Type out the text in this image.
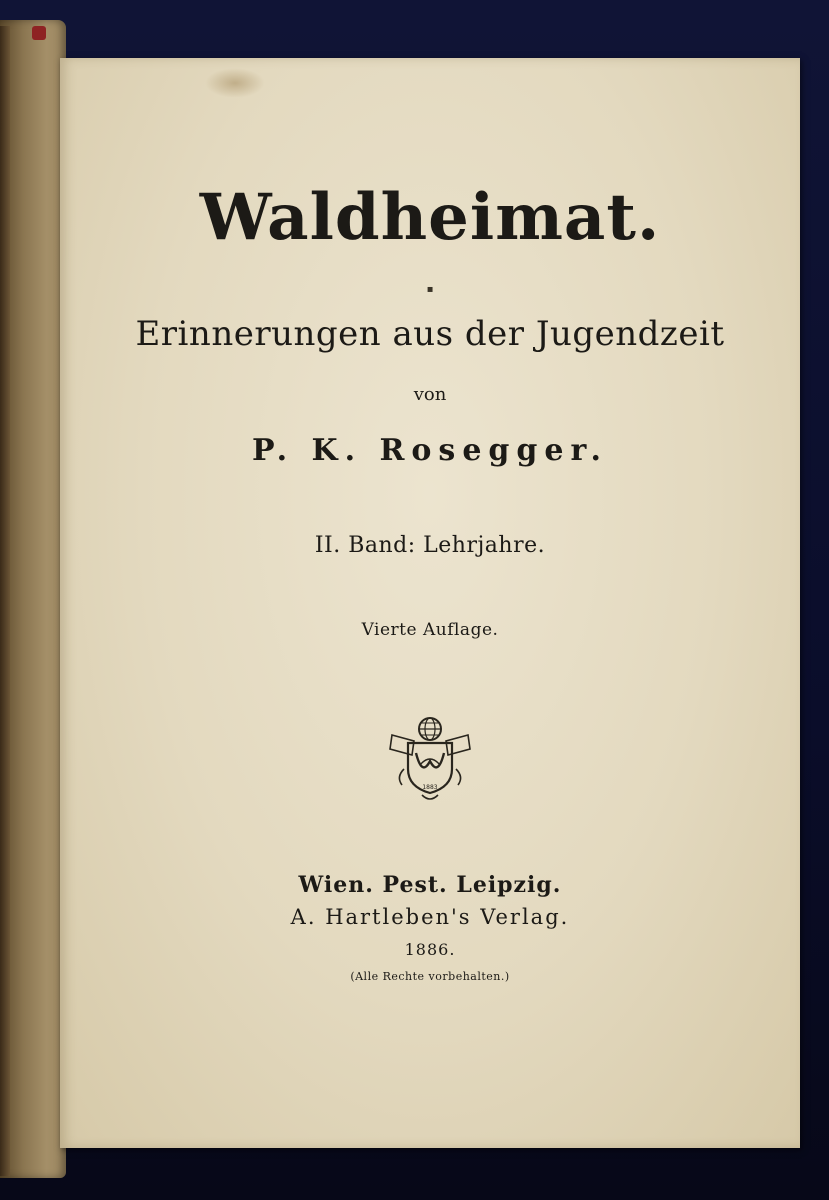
Waldheimat.
▪
Erinnerungen aus der Jugendzeit
von
P. K. Rosegger.
II. Band: Lehrjahre.
Vierte Auflage.
1883
Wien. Pest. Leipzig.
A. Hartleben's Verlag.
1886.
(Alle Rechte vorbehalten.)
